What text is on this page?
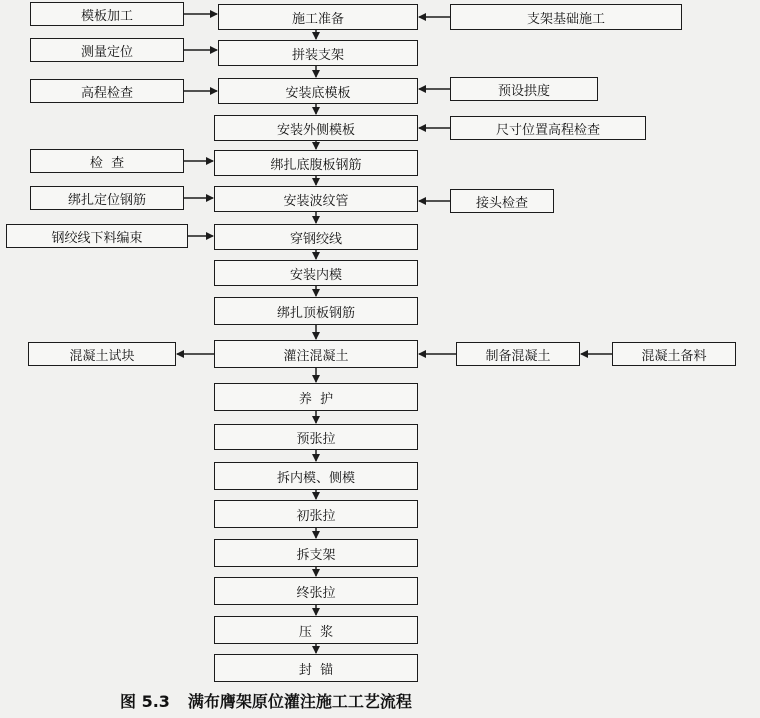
施工准备
拼装支架
安装底模板
安装外侧模板
绑扎底腹板钢筋
安装波纹管
穿钢绞线
安装内模
绑扎顶板钢筋
灌注混凝土
养  护
预张拉
拆内模、侧模
初张拉
拆支架
终张拉
压  浆
封  锚
模板加工
测量定位
高程检查
检  查
绑扎定位钢筋
钢绞线下料编束
支架基础施工
预设拱度
尺寸位置高程检查
接头检查
制备混凝土	混凝土备料
混凝土试块
图 5.3 满布膺架原位灌注施工工艺流程
